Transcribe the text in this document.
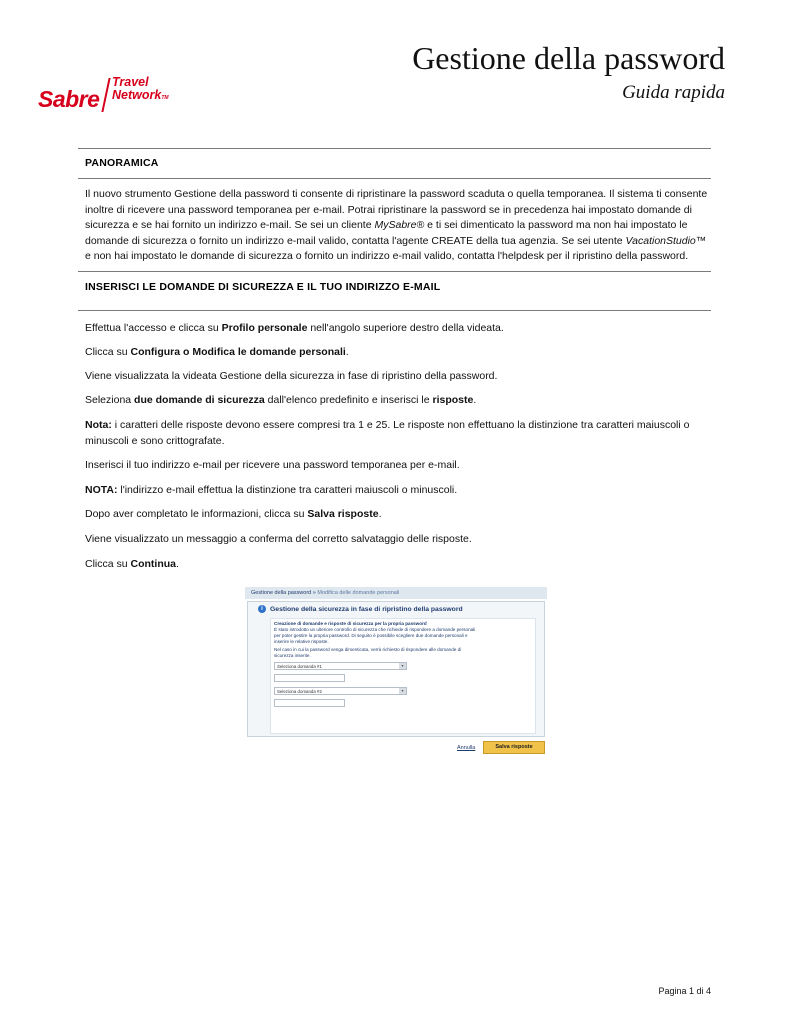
Sabre
Travel
NetworkTM
Gestione della password
Guida rapida
PANORAMICA
Il nuovo strumento Gestione della password ti consente di ripristinare la password scaduta o quella temporanea. Il sistema ti consente inoltre di ricevere una password temporanea per e-mail. Potrai ripristinare la password se in precedenza hai impostato domande di sicurezza e se hai fornito un indirizzo e-mail. Se sei un cliente MySabre® e ti sei dimenticato la password ma non hai impostato le domande di sicurezza o fornito un indirizzo e-mail valido, contatta l'agente CREATE della tua agenzia. Se sei utente VacationStudio™ e non hai impostato le domande di sicurezza o fornito un indirizzo e-mail valido, contatta l'helpdesk per il ripristino della password.
INSERISCI LE DOMANDE DI SICUREZZA E IL TUO INDIRIZZO E-MAIL
Effettua l'accesso e clicca su Profilo personale nell'angolo superiore destro della videata.
Clicca su Configura o Modifica le domande personali.
Viene visualizzata la videata Gestione della sicurezza in fase di ripristino della password.
Seleziona due domande di sicurezza dall'elenco predefinito e inserisci le risposte.
Nota: i caratteri delle risposte devono essere compresi tra 1 e 25. Le risposte non effettuano la distinzione tra caratteri maiuscoli o minuscoli e sono crittografate.
Inserisci il tuo indirizzo e-mail per ricevere una password temporanea per e-mail.
NOTA: l'indirizzo e-mail effettua la distinzione tra caratteri maiuscoli o minuscoli.
Dopo aver completato le informazioni, clicca su Salva risposte.
Viene visualizzato un messaggio a conferma del corretto salvataggio delle risposte.
Clicca su Continua.
Gestione della password » Modifica delle domande personali
i	Gestione della sicurezza in fase di ripristino della password
Creazione di domande e risposte di sicurezza per la propria password
È stato introdotto un ulteriore controllo di sicurezza che richiede di rispondere a domande personali
per poter gestire la propria password. Di seguito è possibile scegliere due domande personali e
inserire le relative risposte.
Nel caso in cui la password venga dimenticata, verrà richiesto di rispondere alle domande di
sicurezza inserite.
Seleziona domanda #1	▾
Seleziona domanda #2	▾
Annulla	Salva risposte
Pagina 1 di 4
